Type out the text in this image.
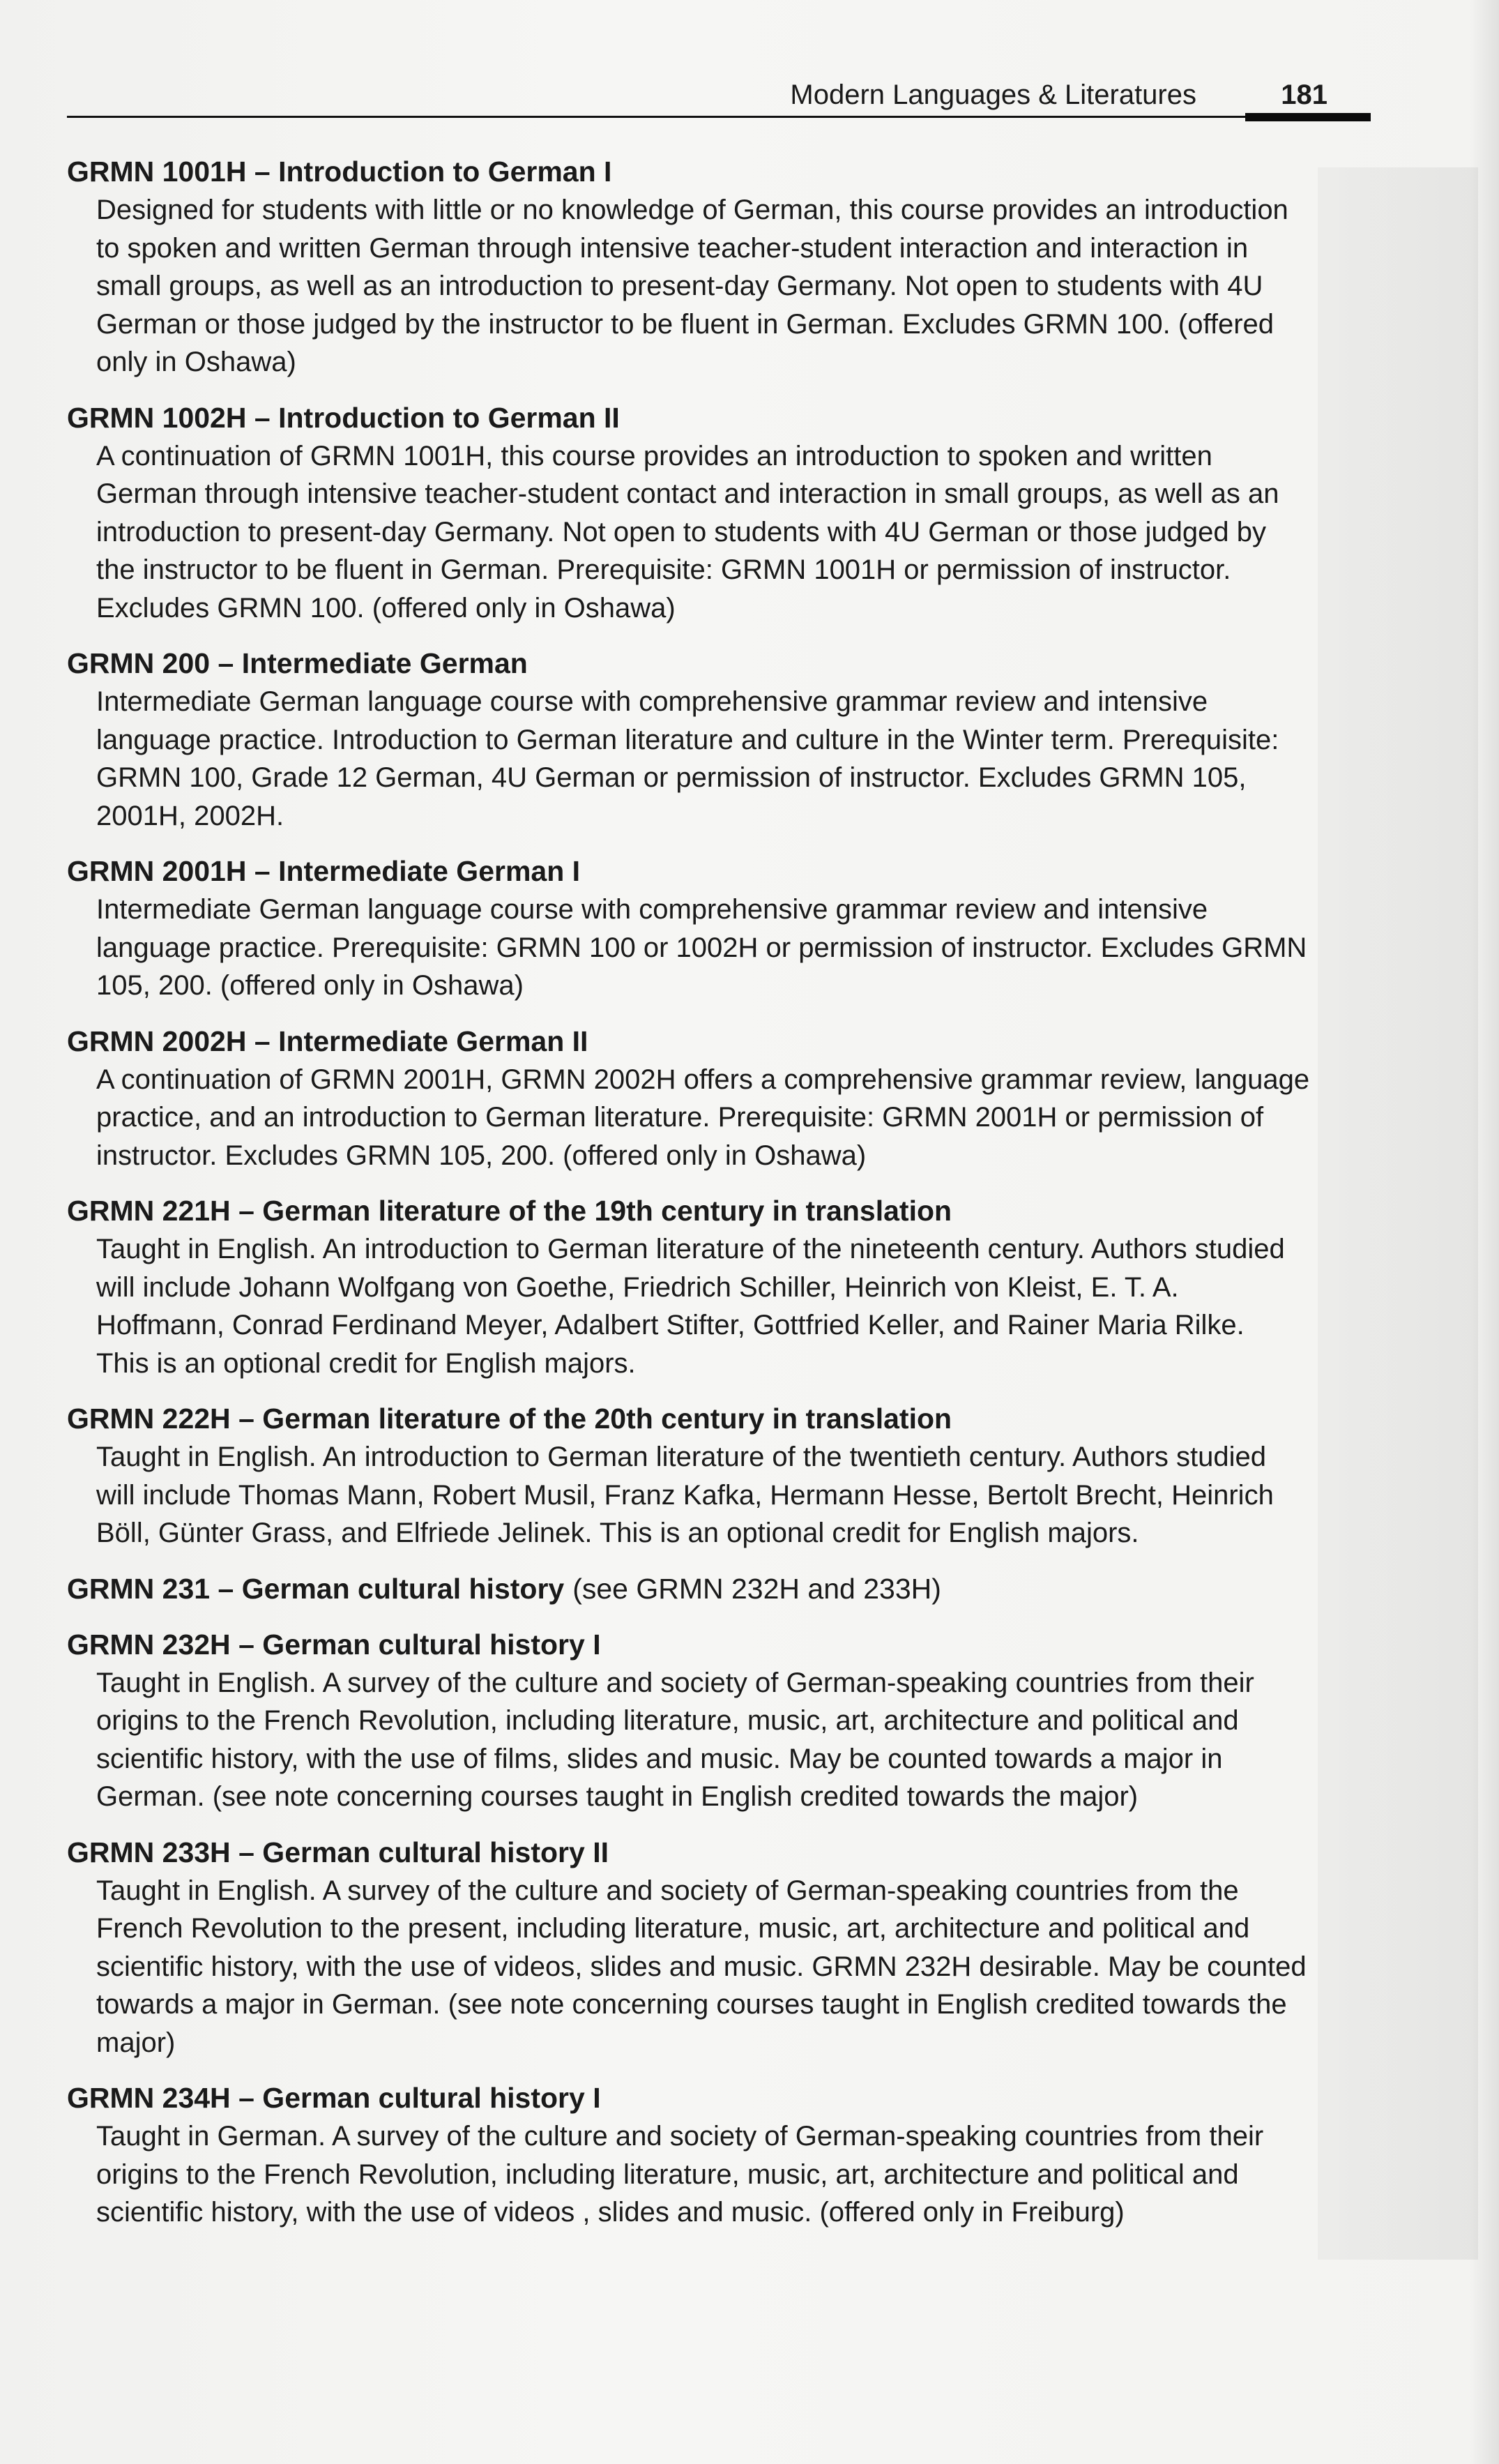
Modern Languages & Literatures	181
GRMN 1001H – Introduction to German I

Designed for students with little or no knowledge of German, this course provides an introduction
to spoken and written German through intensive teacher-student interaction and interaction in
small groups, as well as an introduction to present-day Germany. Not open to students with 4U
German or those judged by the instructor to be fluent in German. Excludes GRMN 100. (offered
only in Oshawa)

GRMN 1002H – Introduction to German II

A continuation of GRMN 1001H, this course provides an introduction to spoken and written
German through intensive teacher-student contact and interaction in small groups, as well as an
introduction to present-day Germany. Not open to students with 4U German or those judged by
the instructor to be fluent in German. Prerequisite: GRMN 1001H or permission of instructor.
Excludes GRMN 100. (offered only in Oshawa)

GRMN 200 – Intermediate German

Intermediate German language course with comprehensive grammar review and intensive
language practice. Introduction to German literature and culture in the Winter term. Prerequisite:
GRMN 100, Grade 12 German, 4U German or permission of instructor. Excludes GRMN 105,
2001H, 2002H.

GRMN 2001H – Intermediate German I

Intermediate German language course with comprehensive grammar review and intensive
language practice. Prerequisite: GRMN 100 or 1002H or permission of instructor. Excludes GRMN
105, 200. (offered only in Oshawa)

GRMN 2002H – Intermediate German II

A continuation of GRMN 2001H, GRMN 2002H offers a comprehensive grammar review, language
practice, and an introduction to German literature. Prerequisite: GRMN 2001H or permission of
instructor. Excludes GRMN 105, 200. (offered only in Oshawa)

GRMN 221H – German literature of the 19th century in translation

Taught in English. An introduction to German literature of the nineteenth century. Authors studied
will include Johann Wolfgang von Goethe, Friedrich Schiller, Heinrich von Kleist, E. T. A.
Hoffmann, Conrad Ferdinand Meyer, Adalbert Stifter, Gottfried Keller, and Rainer Maria Rilke.
This is an optional credit for English majors.

GRMN 222H – German literature of the 20th century in translation

Taught in English. An introduction to German literature of the twentieth century. Authors studied
will include Thomas Mann, Robert Musil, Franz Kafka, Hermann Hesse, Bertolt Brecht, Heinrich
Böll, Günter Grass, and Elfriede Jelinek. This is an optional credit for English majors.

GRMN 231 – German cultural history (see GRMN 232H and 233H)
GRMN 232H – German cultural history I

Taught in English. A survey of the culture and society of German-speaking countries from their
origins to the French Revolution, including literature, music, art, architecture and political and
scientific history, with the use of films, slides and music. May be counted towards a major in
German. (see note concerning courses taught in English credited towards the major)

GRMN 233H – German cultural history II

Taught in English. A survey of the culture and society of German-speaking countries from the
French Revolution to the present, including literature, music, art, architecture and political and
scientific history, with the use of videos, slides and music. GRMN 232H desirable. May be counted
towards a major in German. (see note concerning courses taught in English credited towards the
major)

GRMN 234H – German cultural history I

Taught in German. A survey of the culture and society of German-speaking countries from their
origins to the French Revolution, including literature, music, art, architecture and political and
scientific history, with the use of videos , slides and music. (offered only in Freiburg)
